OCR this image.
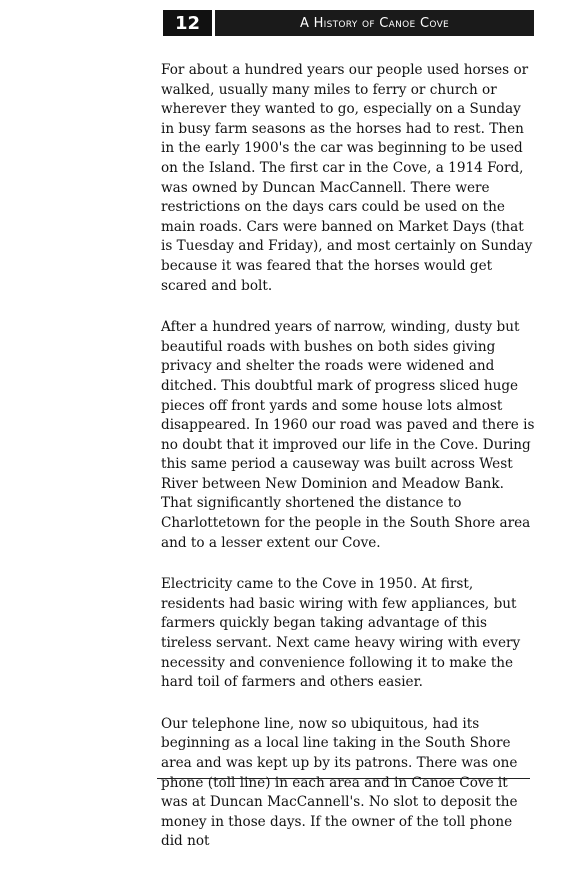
12	A History of Canoe Cove

For about a hundred years our people used horses or walked, usually many miles to ferry or church or wherever they wanted to go, especially on a Sunday in busy farm seasons as the horses had to rest. Then in the early 1900's the car was beginning to be used on the Island. The first car in the Cove, a 1914 Ford, was owned by Duncan MacCannell. There were restrictions on the days cars could be used on the main roads. Cars were banned on Market Days (that is Tuesday and Friday), and most certainly on Sunday because it was feared that the horses would get scared and bolt.

After a hundred years of narrow, winding, dusty but beautiful roads with bushes on both sides giving privacy and shelter the roads were widened and ditched. This doubtful mark of progress sliced huge pieces off front yards and some house lots almost disappeared. In 1960 our road was paved and there is no doubt that it improved our life in the Cove. During this same period a causeway was built across West River between New Dominion and Meadow Bank. That significantly shortened the distance to Charlottetown for the people in the South Shore area and to a lesser extent our Cove.

Electricity came to the Cove in 1950. At first, residents had basic wiring with few appliances, but farmers quickly began taking advantage of this tireless servant. Next came heavy wiring with every necessity and convenience following it to make the hard toil of farmers and others easier.

Our telephone line, now so ubiquitous, had its beginning as a local line taking in the South Shore area and was kept up by its patrons. There was one phone (toll line) in each area and in Canoe Cove it was at Duncan MacCannell's. No slot to deposit the money in those days. If the owner of the toll phone did not
